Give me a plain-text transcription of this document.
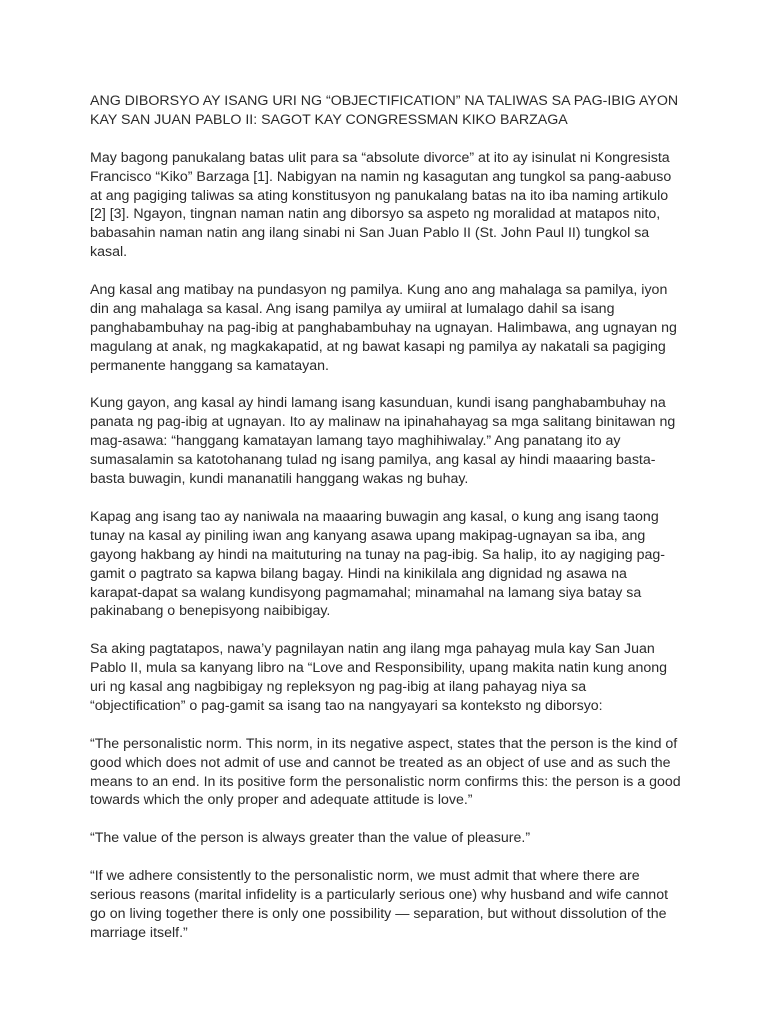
ANG DIBORSYO AY ISANG URI NG “OBJECTIFICATION” NA TALIWAS SA PAG-IBIG AYON KAY SAN JUAN PABLO II: SAGOT KAY CONGRESSMAN KIKO BARZAGA

May bagong panukalang batas ulit para sa “absolute divorce” at ito ay isinulat ni Kongresista Francisco “Kiko” Barzaga [1]. Nabigyan na namin ng kasagutan ang tungkol sa pang-aabuso at ang pagiging taliwas sa ating konstitusyon ng panukalang batas na ito iba naming artikulo [2] [3]. Ngayon, tingnan naman natin ang diborsyo sa aspeto ng moralidad at matapos nito, babasahin naman natin ang ilang sinabi ni San Juan Pablo II (St. John Paul II) tungkol sa kasal.

Ang kasal ang matibay na pundasyon ng pamilya. Kung ano ang mahalaga sa pamilya, iyon din ang mahalaga sa kasal. Ang isang pamilya ay umiiral at lumalago dahil sa isang panghabambuhay na pag-ibig at panghabambuhay na ugnayan. Halimbawa, ang ugnayan ng magulang at anak, ng magkakapatid, at ng bawat kasapi ng pamilya ay nakatali sa pagiging permanente hanggang sa kamatayan.

Kung gayon, ang kasal ay hindi lamang isang kasunduan, kundi isang panghabambuhay na panata ng pag-ibig at ugnayan. Ito ay malinaw na ipinahahayag sa mga salitang binitawan ng mag-asawa: “hanggang kamatayan lamang tayo maghihiwalay.” Ang panatang ito ay sumasalamin sa katotohanang tulad ng isang pamilya, ang kasal ay hindi maaaring basta-basta buwagin, kundi mananatili hanggang wakas ng buhay.

Kapag ang isang tao ay naniwala na maaaring buwagin ang kasal, o kung ang isang taong tunay na kasal ay piniling iwan ang kanyang asawa upang makipag-ugnayan sa iba, ang gayong hakbang ay hindi na maituturing na tunay na pag-ibig. Sa halip, ito ay nagiging pag-gamit o pagtrato sa kapwa bilang bagay. Hindi na kinikilala ang dignidad ng asawa na karapat-dapat sa walang kundisyong pagmamahal; minamahal na lamang siya batay sa pakinabang o benepisyong naibibigay.

Sa aking pagtatapos, nawa’y pagnilayan natin ang ilang mga pahayag mula kay San Juan Pablo II, mula sa kanyang libro na “Love and Responsibility, upang makita natin kung anong uri ng kasal ang nagbibigay ng repleksyon ng pag-ibig at ilang pahayag niya sa “objectification” o pag-gamit sa isang tao na nangyayari sa konteksto ng diborsyo:

“The personalistic norm. This norm, in its negative aspect, states that the person is the kind of good which does not admit of use and cannot be treated as an object of use and as such the means to an end. In its positive form the personalistic norm confirms this: the person is a good towards which the only proper and adequate attitude is love.”

“The value of the person is always greater than the value of pleasure.”

“If we adhere consistently to the personalistic norm, we must admit that where there are serious reasons (marital infidelity is a particularly serious one) why husband and wife cannot go on living together there is only one possibility — separation, but without dissolution of the marriage itself.”
